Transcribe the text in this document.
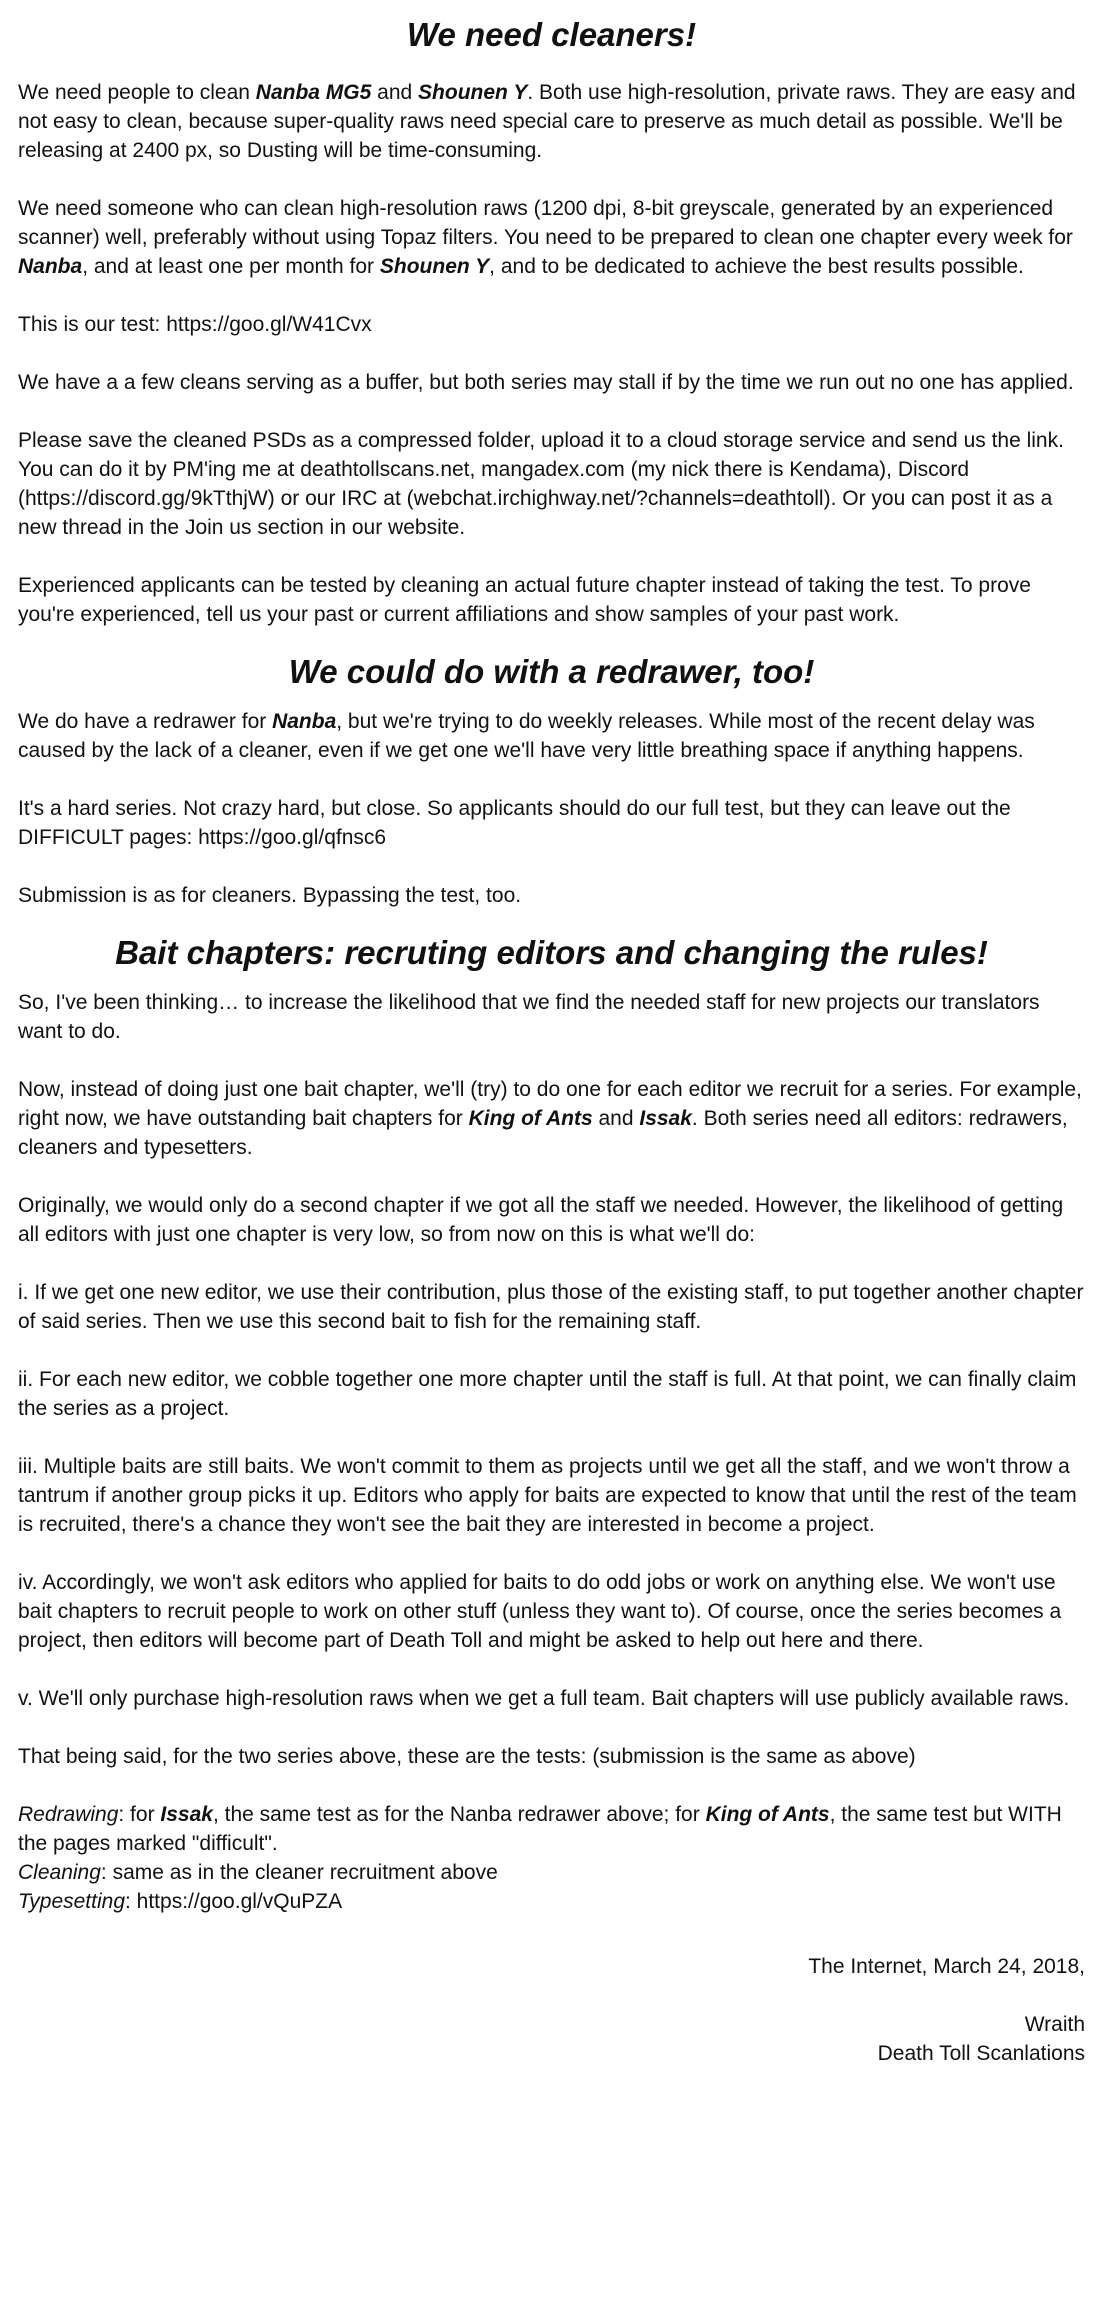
We need cleaners!

We need people to clean Nanba MG5 and Shounen Y. Both use high-resolution, private raws. They are easy and not easy to clean, because super-quality raws need special care to preserve as much detail as possible. We'll be releasing at 2400 px, so Dusting will be time-consuming.

We need someone who can clean high-resolution raws (1200 dpi, 8-bit greyscale, generated by an experienced scanner) well, preferably without using Topaz filters. You need to be prepared to clean one chapter every week for Nanba, and at least one per month for Shounen Y, and to be dedicated to achieve the best results possible.

This is our test: https://goo.gl/W41Cvx

We have a a few cleans serving as a buffer, but both series may stall if by the time we run out no one has applied.

Please save the cleaned PSDs as a compressed folder, upload it to a cloud storage service and send us the link. You can do it by PM'ing me at deathtollscans.net, mangadex.com (my nick there is Kendama), Discord (https://discord.gg/9kTthjW) or our IRC at (webchat.irchighway.net/?channels=deathtoll). Or you can post it as a new thread in the Join us section in our website.

Experienced applicants can be tested by cleaning an actual future chapter instead of taking the test. To prove you're experienced, tell us your past or current affiliations and show samples of your past work.

We could do with a redrawer, too!

We do have a redrawer for Nanba, but we're trying to do weekly releases. While most of the recent delay was caused by the lack of a cleaner, even if we get one we'll have very little breathing space if anything happens.

It's a hard series. Not crazy hard, but close. So applicants should do our full test, but they can leave out the DIFFICULT pages: https://goo.gl/qfnsc6

Submission is as for cleaners. Bypassing the test, too.

Bait chapters: recruting editors and changing the rules!

So, I've been thinking… to increase the likelihood that we find the needed staff for new projects our translators want to do.

Now, instead of doing just one bait chapter, we'll (try) to do one for each editor we recruit for a series. For example, right now, we have outstanding bait chapters for King of Ants and Issak. Both series need all editors: redrawers, cleaners and typesetters.

Originally, we would only do a second chapter if we got all the staff we needed. However, the likelihood of getting all editors with just one chapter is very low, so from now on this is what we'll do:

i. If we get one new editor, we use their contribution, plus those of the existing staff, to put together another chapter of said series. Then we use this second bait to fish for the remaining staff.

ii. For each new editor, we cobble together one more chapter until the staff is full. At that point, we can finally claim the series as a project.

iii. Multiple baits are still baits. We won't commit to them as projects until we get all the staff, and we won't throw a tantrum if another group picks it up. Editors who apply for baits are expected to know that until the rest of the team is recruited, there's a chance they won't see the bait they are interested in become a project.

iv. Accordingly, we won't ask editors who applied for baits to do odd jobs or work on anything else. We won't use bait chapters to recruit people to work on other stuff (unless they want to). Of course, once the series becomes a project, then editors will become part of Death Toll and might be asked to help out here and there.

v. We'll only purchase high-resolution raws when we get a full team. Bait chapters will use publicly available raws.

That being said, for the two series above, these are the tests: (submission is the same as above)

Redrawing: for Issak, the same test as for the Nanba redrawer above; for King of Ants, the same test but WITH the pages marked "difficult".

Cleaning: same as in the cleaner recruitment above

Typesetting: https://goo.gl/vQuPZA

The Internet, March 24, 2018,

Wraith

Death Toll Scanlations
